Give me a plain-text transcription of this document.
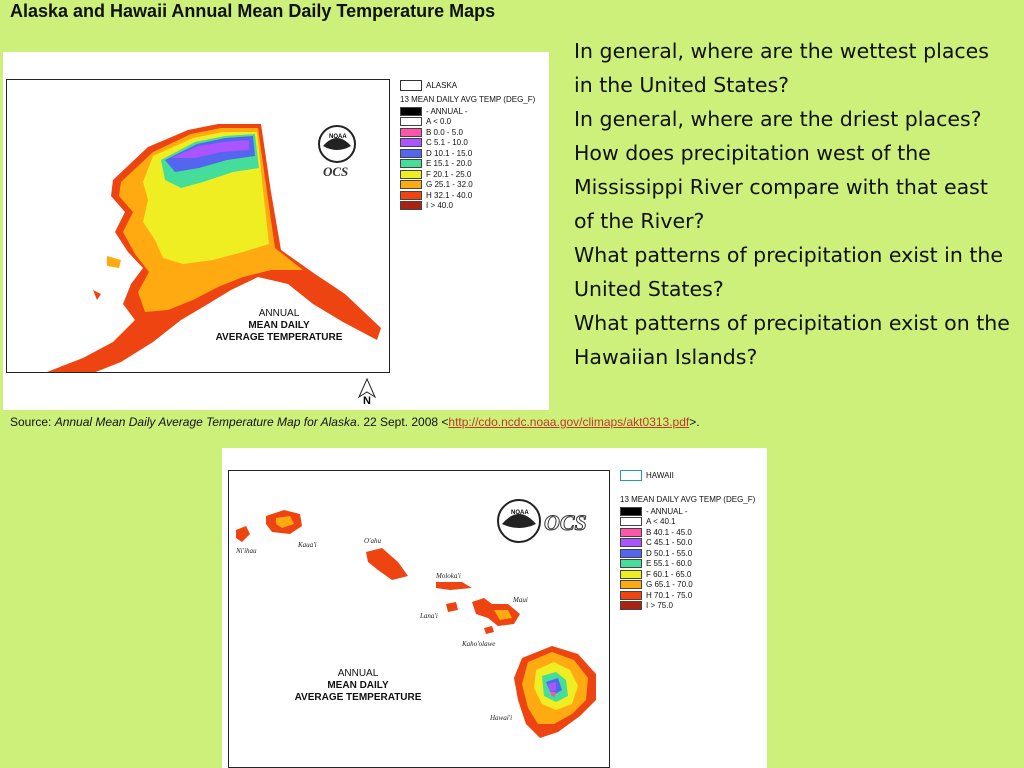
Alaska and Hawaii Annual Mean Daily Temperature Maps
NOAA
OCS
ANNUAL
MEAN DAILY
AVERAGE TEMPERATURE
N
ALASKA
13 MEAN DAILY AVG TEMP (DEG_F)
- ANNUAL -
A < 0.0
B 0.0 - 5.0
C 5.1 - 10.0
D 10.1 - 15.0
E 15.1 - 20.0
F 20.1 - 25.0
G 25.1 - 32.0
H 32.1 - 40.0
I > 40.0

In general, where are the wettest places in the United States?

In general, where are the driest places?

How does precipitation west of the Mississippi River compare with that east of the River?

What patterns of precipitation exist in the United States?

What patterns of precipitation exist on the Hawaiian Islands?

Source: Annual Mean Daily Average Temperature Map for Alaska. 22 Sept. 2008 <http://cdo.ncdc.noaa.gov/climaps/akt0313.pdf>.
Ni'ihau
Kaua'i	O'ahu
Moloka'i
Lana'i
Maui
Kaho'olawe
Hawai'i
NOAA OCS
ANNUAL
MEAN DAILY
AVERAGE TEMPERATURE
HAWAII
13 MEAN DAILY AVG TEMP (DEG_F)
- ANNUAL -
A < 40.1
B 40.1 - 45.0
C 45.1 - 50.0
D 50.1 - 55.0
E 55.1 - 60.0
F 60.1 - 65.0
G 65.1 - 70.0
H 70.1 - 75.0
I > 75.0
